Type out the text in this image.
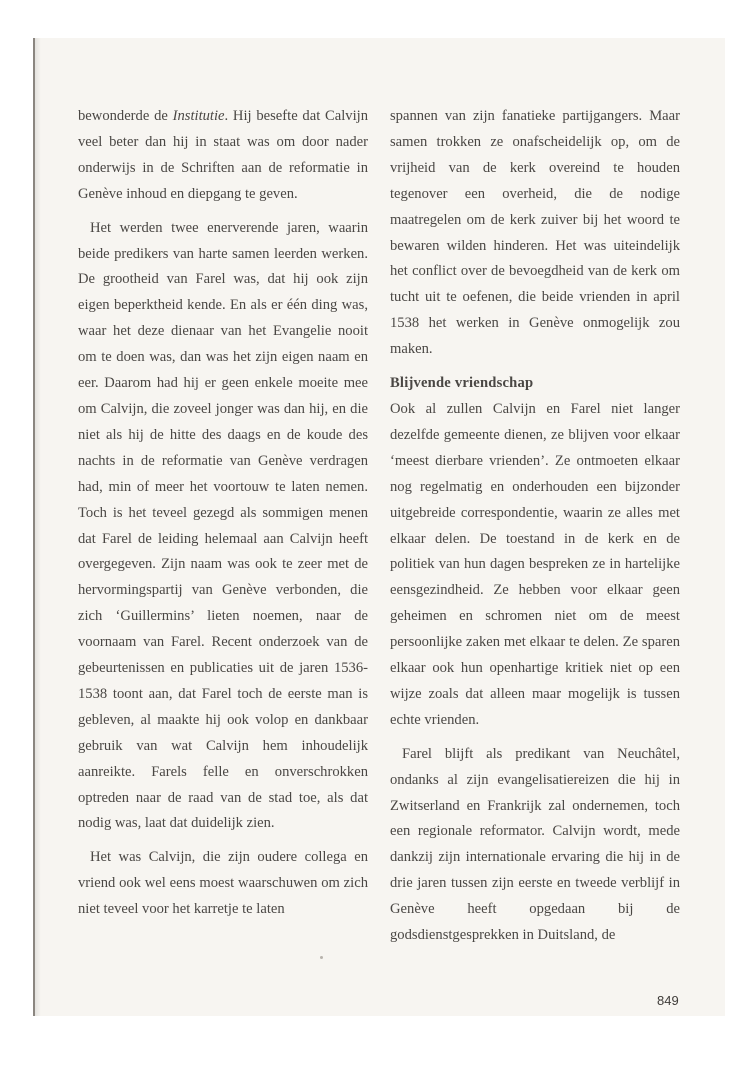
bewonderde de Institutie. Hij besefte dat Calvijn veel beter dan hij in staat was om door nader onderwijs in de Schriften aan de reformatie in Genève inhoud en diepgang te geven.

Het werden twee enerverende jaren, waarin beide predikers van harte samen leerden werken. De grootheid van Farel was, dat hij ook zijn eigen beperktheid kende. En als er één ding was, waar het deze dienaar van het Evangelie nooit om te doen was, dan was het zijn eigen naam en eer. Daarom had hij er geen enkele moeite mee om Calvijn, die zoveel jonger was dan hij, en die niet als hij de hitte des daags en de koude des nachts in de reformatie van Genève verdragen had, min of meer het voortouw te laten nemen. Toch is het teveel gezegd als sommigen menen dat Farel de leiding helemaal aan Calvijn heeft overgegeven. Zijn naam was ook te zeer met de hervormingspartij van Genève verbonden, die zich ‘Guillermins’ lieten noemen, naar de voornaam van Farel. Recent onderzoek van de gebeurtenissen en publicaties uit de jaren 1536-1538 toont aan, dat Farel toch de eerste man is gebleven, al maakte hij ook volop en dankbaar gebruik van wat Calvijn hem inhoudelijk aanreikte. Farels felle en onverschrokken optreden naar de raad van de stad toe, als dat nodig was, laat dat duidelijk zien.

Het was Calvijn, die zijn oudere collega en vriend ook wel eens moest waarschuwen om zich niet teveel voor het karretje te laten

spannen van zijn fanatieke partijgangers. Maar samen trokken ze onafscheidelijk op, om de vrijheid van de kerk overeind te houden tegenover een overheid, die de nodige maatregelen om de kerk zuiver bij het woord te bewaren wilden hinderen. Het was uiteindelijk het conflict over de bevoegdheid van de kerk om tucht uit te oefenen, die beide vrienden in april 1538 het werken in Genève onmogelijk zou maken.

Blijvende vriendschap

Ook al zullen Calvijn en Farel niet langer dezelfde gemeente dienen, ze blijven voor elkaar ‘meest dierbare vrienden’. Ze ontmoeten elkaar nog regelmatig en onderhouden een bijzonder uitgebreide correspondentie, waarin ze alles met elkaar delen. De toestand in de kerk en de politiek van hun dagen bespreken ze in hartelijke eensgezindheid. Ze hebben voor elkaar geen geheimen en schromen niet om de meest persoonlijke zaken met elkaar te delen. Ze sparen elkaar ook hun openhartige kritiek niet op een wijze zoals dat alleen maar mogelijk is tussen echte vrienden.

Farel blijft als predikant van Neuchâtel, ondanks al zijn evangelisatiereizen die hij in Zwitserland en Frankrijk zal ondernemen, toch een regionale reformator. Calvijn wordt, mede dankzij zijn internationale ervaring die hij in de drie jaren tussen zijn eerste en tweede verblijf in Genève heeft opgedaan bij de godsdienstgesprekken in Duitsland, de

849
